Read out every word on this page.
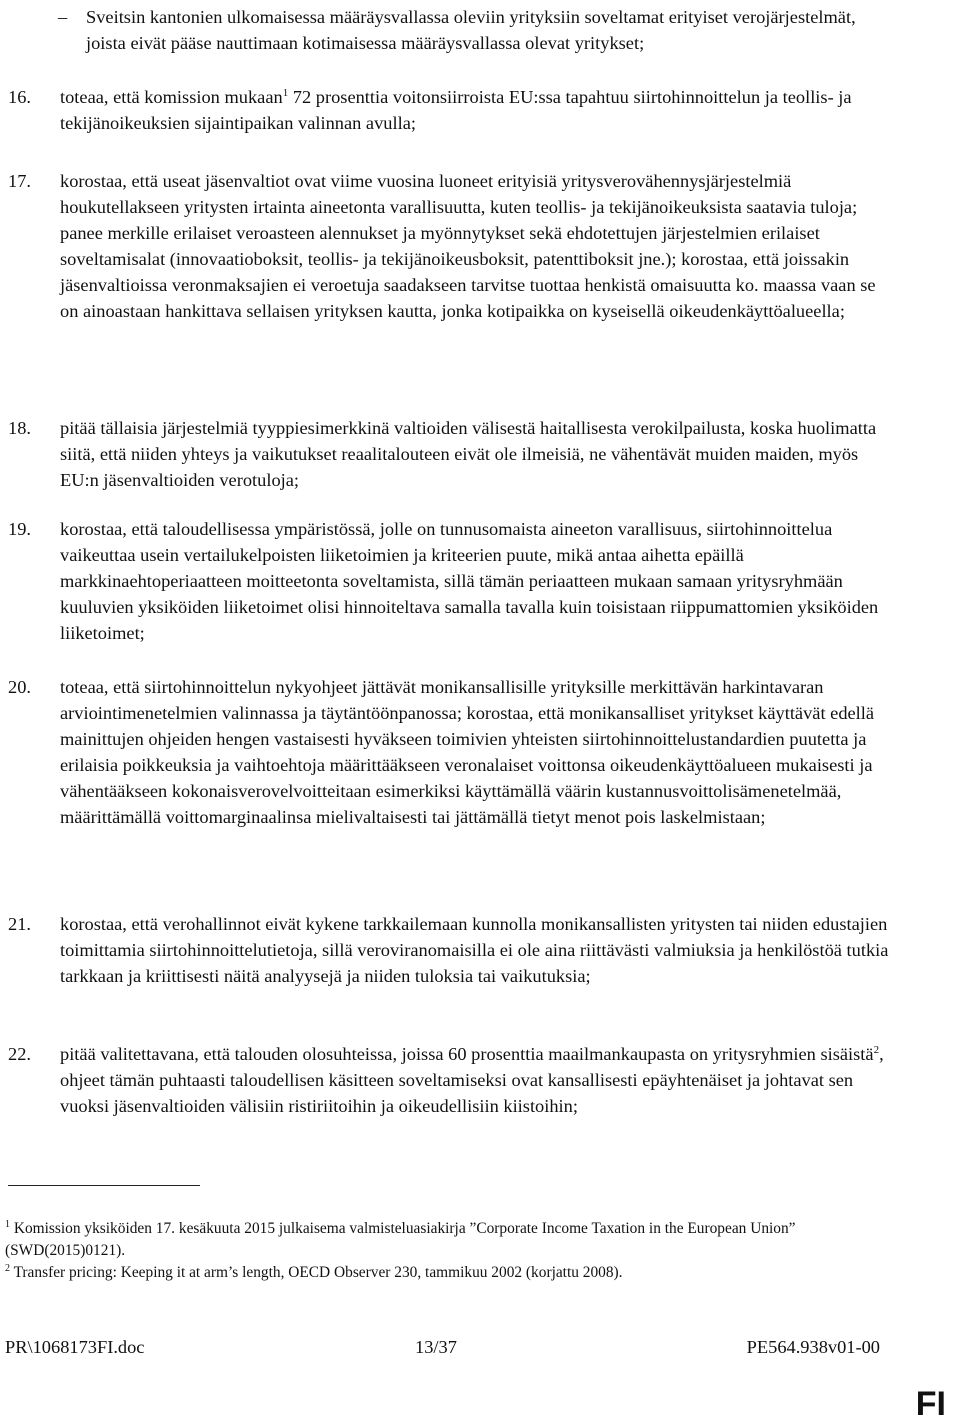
– Sveitsin kantonien ulkomaisessa määräysvallassa oleviin yrityksiin soveltamat erityiset verojärjestelmät, joista eivät pääse nauttimaan kotimaisessa määräysvallassa olevat yritykset;
16.	toteaa, että komission mukaan$^1$ 72 prosenttia voitonsiirroista EU:ssa tapahtuu siirtohinnoittelun ja teollis- ja tekijänoikeuksien sijaintipaikan valinnan avulla;
17.	korostaa, että useat jäsenvaltiot ovat viime vuosina luoneet erityisiä yritysverovähennysjärjestelmiä houkutellakseen yritysten irtainta aineetonta varallisuutta, kuten teollis- ja tekijänoikeuksista saatavia tuloja; panee merkille erilaiset veroasteen alennukset ja myönnytykset sekä ehdotettujen järjestelmien erilaiset soveltamisalat (innovaatioboksit, teollis- ja tekijänoikeusboksit, patenttiboksit jne.); korostaa, että joissakin jäsenvaltioissa veronmaksajien ei veroetuja saadakseen tarvitse tuottaa henkistä omaisuutta ko. maassa vaan se on ainoastaan hankittava sellaisen yrityksen kautta, jonka kotipaikka on kyseisellä oikeudenkäyttöalueella;
18.	pitää tällaisia järjestelmiä tyyppiesimerkkinä valtioiden välisestä haitallisesta verokilpailusta, koska huolimatta siitä, että niiden yhteys ja vaikutukset reaalitalouteen eivät ole ilmeisiä, ne vähentävät muiden maiden, myös EU:n jäsenvaltioiden verotuloja;
19.	korostaa, että taloudellisessa ympäristössä, jolle on tunnusomaista aineeton varallisuus, siirtohinnoittelua vaikeuttaa usein vertailukelpoisten liiketoimien ja kriteerien puute, mikä antaa aihetta epäillä markkinaehtoperiaatteen moitteetonta soveltamista, sillä tämän periaatteen mukaan samaan yritysryhmään kuuluvien yksiköiden liiketoimet olisi hinnoiteltava samalla tavalla kuin toisistaan riippumattomien yksiköiden liiketoimet;
20.	toteaa, että siirtohinnoittelun nykyohjeet jättävät monikansallisille yrityksille merkittävän harkintavaran arviointimenetelmien valinnassa ja täytäntöönpanossa; korostaa, että monikansalliset yritykset käyttävät edellä mainittujen ohjeiden hengen vastaisesti hyväkseen toimivien yhteisten siirtohinnoittelustandardien puutetta ja erilaisia poikkeuksia ja vaihtoehtoja määrittääkseen veronalaiset voittonsa oikeudenkäyttöalueen mukaisesti ja vähentääkseen kokonaisverovelvoitteitaan esimerkiksi käyttämällä väärin kustannusvoittolisämenetelmää, määrittämällä voittomarginaalinsa mielivaltaisesti tai jättämällä tietyt menot pois laskelmistaan;
21.	korostaa, että verohallinnot eivät kykene tarkkailemaan kunnolla monikansallisten yritysten tai niiden edustajien toimittamia siirtohinnoittelutietoja, sillä veroviranomaisilla ei ole aina riittävästi valmiuksia ja henkilöstöä tutkia tarkkaan ja kriittisesti näitä analyysejä ja niiden tuloksia tai vaikutuksia;
22.	pitää valitettavana, että talouden olosuhteissa, joissa 60 prosenttia maailmankaupasta on yritysryhmien sisäistä$^2$, ohjeet tämän puhtaasti taloudellisen käsitteen soveltamiseksi ovat kansallisesti epäyhtenäiset ja johtavat sen vuoksi jäsenvaltioiden välisiin ristiriitoihin ja oikeudellisiin kiistoihin;

$^1$ Komission yksiköiden 17. kesäkuuta 2015 julkaisema valmisteluasiakirja ”Corporate Income Taxation in the European Union” (SWD(2015)0121).

$^2$ Transfer pricing: Keeping it at arm’s length, OECD Observer 230, tammikuu 2002 (korjattu 2008).

PR\1068173FI.doc	13/37	PE564.938v01-00
FI
